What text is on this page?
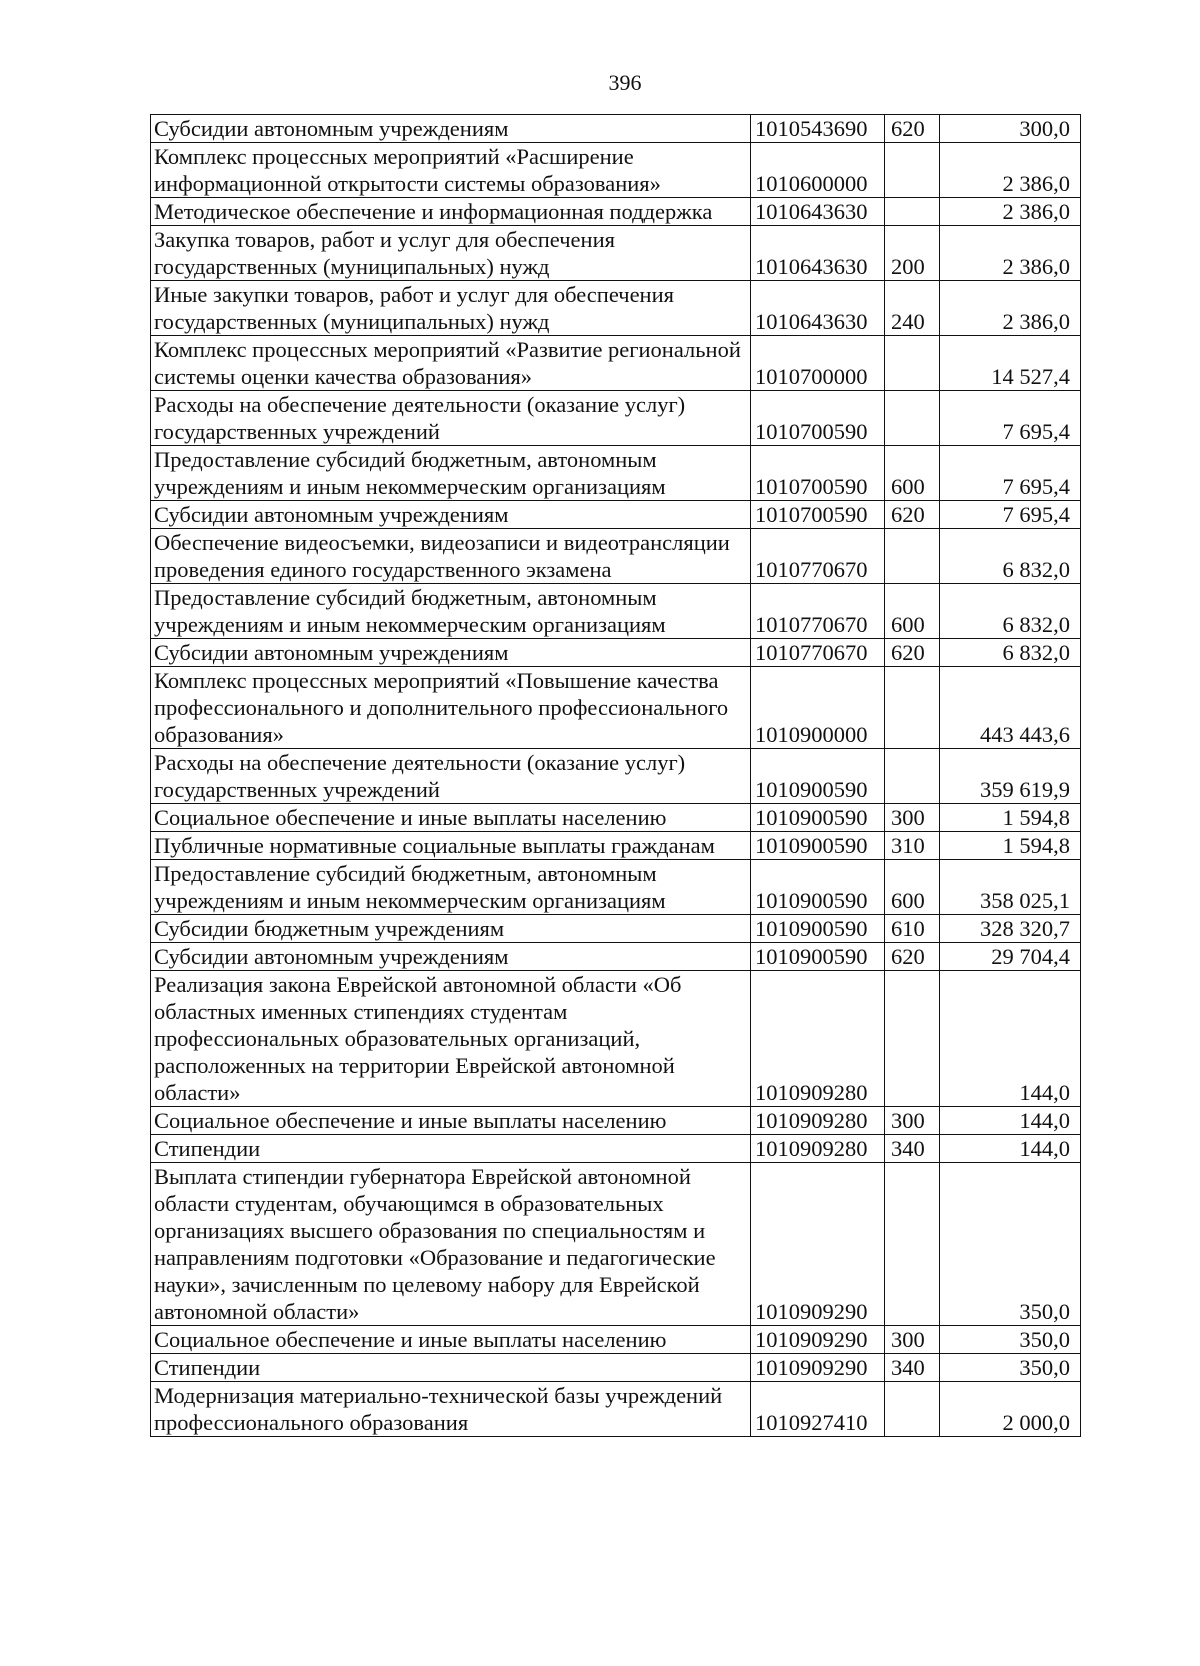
396
Субсидии автономным учреждениям	1010543690	620	300,0
Комплекс процессных мероприятий «Расширение информационной открытости системы образования»	1010600000		2 386,0
Методическое обеспечение и информационная поддержка	1010643630		2 386,0
Закупка товаров, работ и услуг для обеспечения государственных (муниципальных) нужд	1010643630	200	2 386,0
Иные закупки товаров, работ и услуг для обеспечения государственных (муниципальных) нужд	1010643630	240	2 386,0
Комплекс процессных мероприятий «Развитие региональной системы оценки качества образования»	1010700000		14 527,4
Расходы на обеспечение деятельности (оказание услуг) государственных учреждений	1010700590		7 695,4
Предоставление субсидий бюджетным, автономным учреждениям и иным некоммерческим организациям	1010700590	600	7 695,4
Субсидии автономным учреждениям	1010700590	620	7 695,4
Обеспечение видеосъемки, видеозаписи и видеотрансляции проведения единого государственного экзамена	1010770670		6 832,0
Предоставление субсидий бюджетным, автономным учреждениям и иным некоммерческим организациям	1010770670	600	6 832,0
Субсидии автономным учреждениям	1010770670	620	6 832,0
Комплекс процессных мероприятий «Повышение качества профессионального и дополнительного профессионального образования»	1010900000		443 443,6
Расходы на обеспечение деятельности (оказание услуг) государственных учреждений	1010900590		359 619,9
Социальное обеспечение и иные выплаты населению	1010900590	300	1 594,8
Публичные нормативные социальные выплаты гражданам	1010900590	310	1 594,8
Предоставление субсидий бюджетным, автономным учреждениям и иным некоммерческим организациям	1010900590	600	358 025,1
Субсидии бюджетным учреждениям	1010900590	610	328 320,7
Субсидии автономным учреждениям	1010900590	620	29 704,4
Реализация закона Еврейской автономной области «Об областных именных стипендиях студентам профессиональных образовательных организаций, расположенных на территории Еврейской автономной области»	1010909280		144,0
Социальное обеспечение и иные выплаты населению	1010909280	300	144,0
Стипендии	1010909280	340	144,0
Выплата стипендии губернатора Еврейской автономной области студентам, обучающимся в образовательных организациях высшего образования по специальностям и направлениям подготовки «Образование и педагогические науки», зачисленным по целевому набору для Еврейской автономной области»	1010909290		350,0
Социальное обеспечение и иные выплаты населению	1010909290	300	350,0
Стипендии	1010909290	340	350,0
Модернизация материально-технической базы учреждений профессионального образования	1010927410		2 000,0
